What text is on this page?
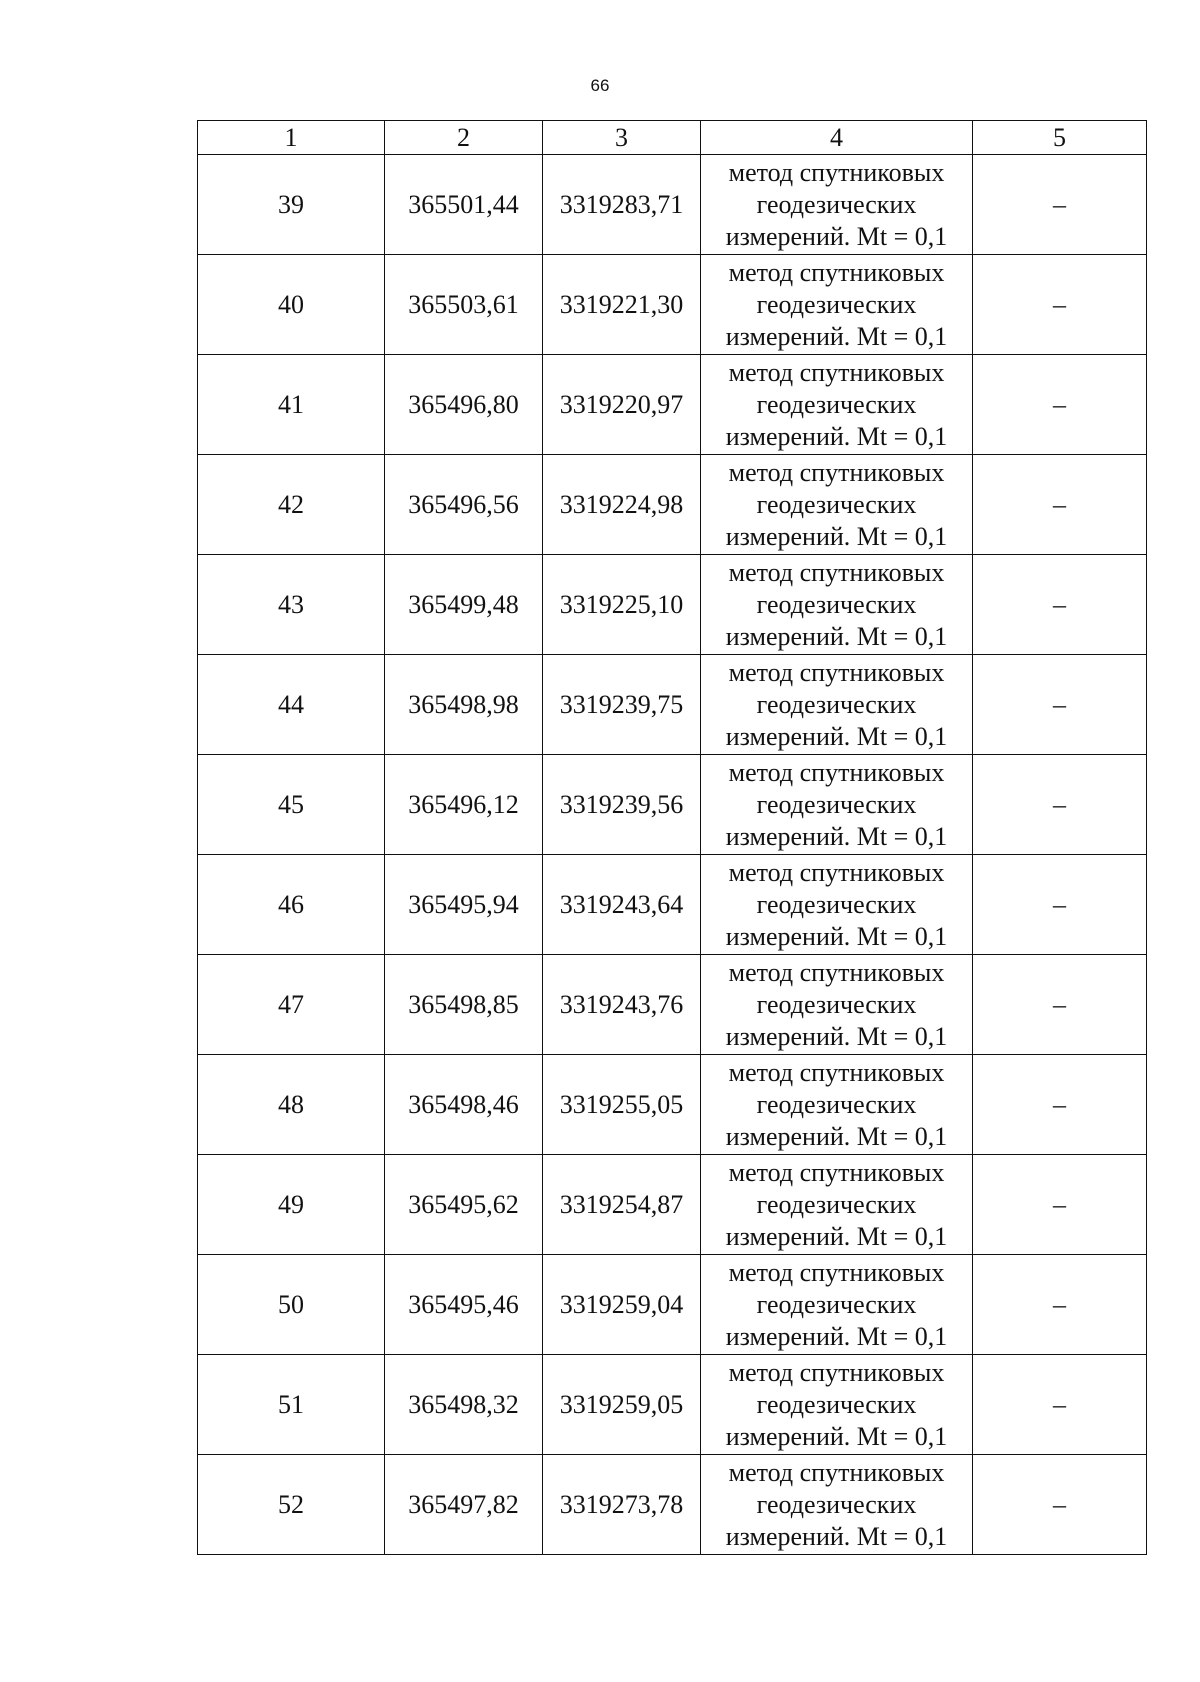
66
1	2	3	4	5
39	365501,44	3319283,71	метод спутниковых
геодезических
измерений. Mt = 0,1	–
40	365503,61	3319221,30	метод спутниковых
геодезических
измерений. Mt = 0,1	–
41	365496,80	3319220,97	метод спутниковых
геодезических
измерений. Mt = 0,1	–
42	365496,56	3319224,98	метод спутниковых
геодезических
измерений. Mt = 0,1	–
43	365499,48	3319225,10	метод спутниковых
геодезических
измерений. Mt = 0,1	–
44	365498,98	3319239,75	метод спутниковых
геодезических
измерений. Mt = 0,1	–
45	365496,12	3319239,56	метод спутниковых
геодезических
измерений. Mt = 0,1	–
46	365495,94	3319243,64	метод спутниковых
геодезических
измерений. Mt = 0,1	–
47	365498,85	3319243,76	метод спутниковых
геодезических
измерений. Mt = 0,1	–
48	365498,46	3319255,05	метод спутниковых
геодезических
измерений. Mt = 0,1	–
49	365495,62	3319254,87	метод спутниковых
геодезических
измерений. Mt = 0,1	–
50	365495,46	3319259,04	метод спутниковых
геодезических
измерений. Mt = 0,1	–
51	365498,32	3319259,05	метод спутниковых
геодезических
измерений. Mt = 0,1	–
52	365497,82	3319273,78	метод спутниковых
геодезических
измерений. Mt = 0,1	–
